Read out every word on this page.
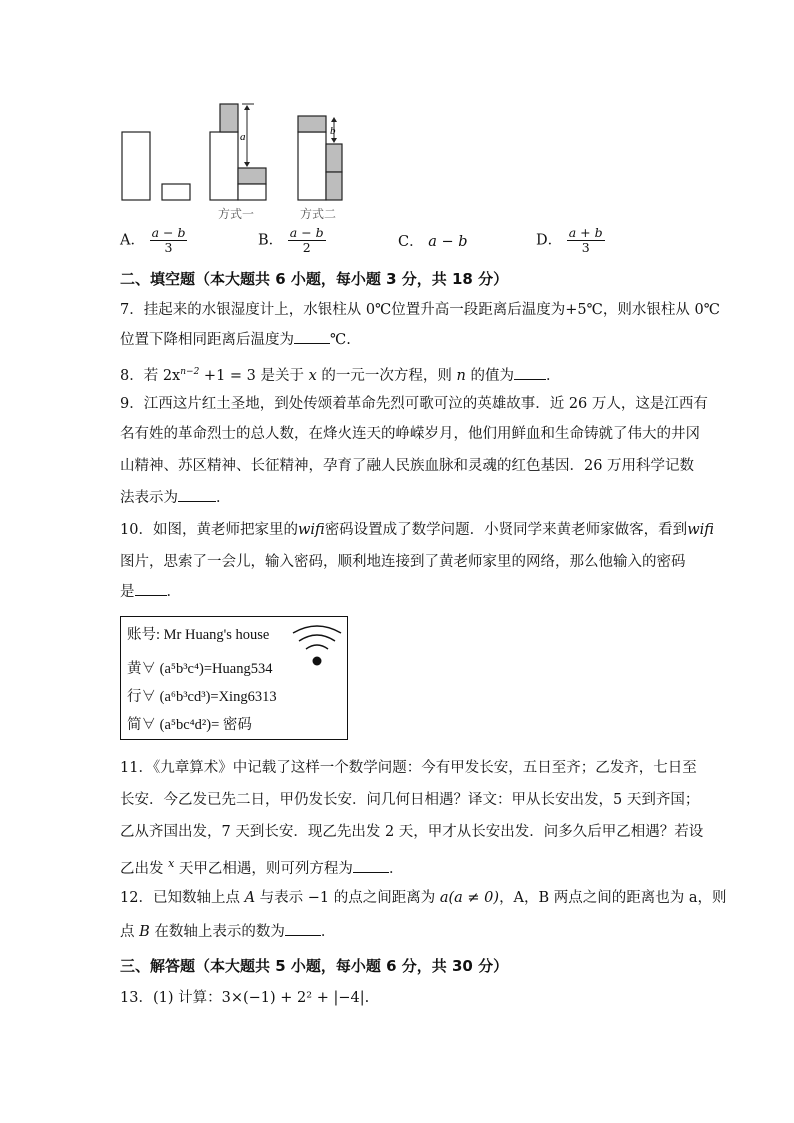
a	b
方式一	方式二
A． $\frac{a - b}{3}$	B． $\frac{a - b}{2}$	C． a − b	D． $\frac{a + b}{3}$
二、填空题（本大题共 6 小题，每小题 3 分，共 18 分）
7．挂起来的水银湿度计上，水银柱从 0℃位置升高一段距离后温度为+5℃，则水银柱从 0℃
位置下降相同距离后温度为 ℃.
8．若 $2x^{n-2} +1 = 3$ 是关于 x 的一元一次方程，则 n 的值为 ．
9．江西这片红土圣地，到处传颂着革命先烈可歌可泣的英雄故事．近 26 万人，这是江西有
名有姓的革命烈士的总人数，在烽火连天的峥嵘岁月，他们用鲜血和生命铸就了伟大的井冈
山精神、苏区精神、长征精神，孕育了融人民族血脉和灵魂的红色基因．26 万用科学记数
法表示为	．
10．如图，黄老师把家里的wifi密码设置成了数学问题．小贤同学来黄老师家做客，看到wifi
图片，思索了一会儿，输入密码，顺利地连接到了黄老师家里的网络，那么他输入的密码
是 ．
账号: Mr Huang's house
黄∀ (a⁵b³c⁴)=Huang534
行∀ (a⁶b³cd³)=Xing6313
简∀ (a⁵bc⁴d²)= 密码
11．《九章算术》中记载了这样一个数学问题：今有甲发长安，五日至齐；乙发齐，七日至
长安．今乙发已先二日，甲仍发长安．问几何日相遇？译文：甲从长安出发，5 天到齐国；
乙从齐国出发，7 天到长安．现乙先出发 2 天，甲才从长安出发．问多久后甲乙相遇？若设
乙出发 $^x$ 天甲乙相遇，则可列方程为 ．
12．已知数轴上点 A 与表示 −1 的点之间距离为 a(a ≠ 0)，A，B 两点之间的距离也为 a，则
点 B 在数轴上表示的数为 ．
三、解答题（本大题共 5 小题，每小题 6 分，共 30 分）
13．(1) 计算：3×(−1) + 2² + |−4|.
